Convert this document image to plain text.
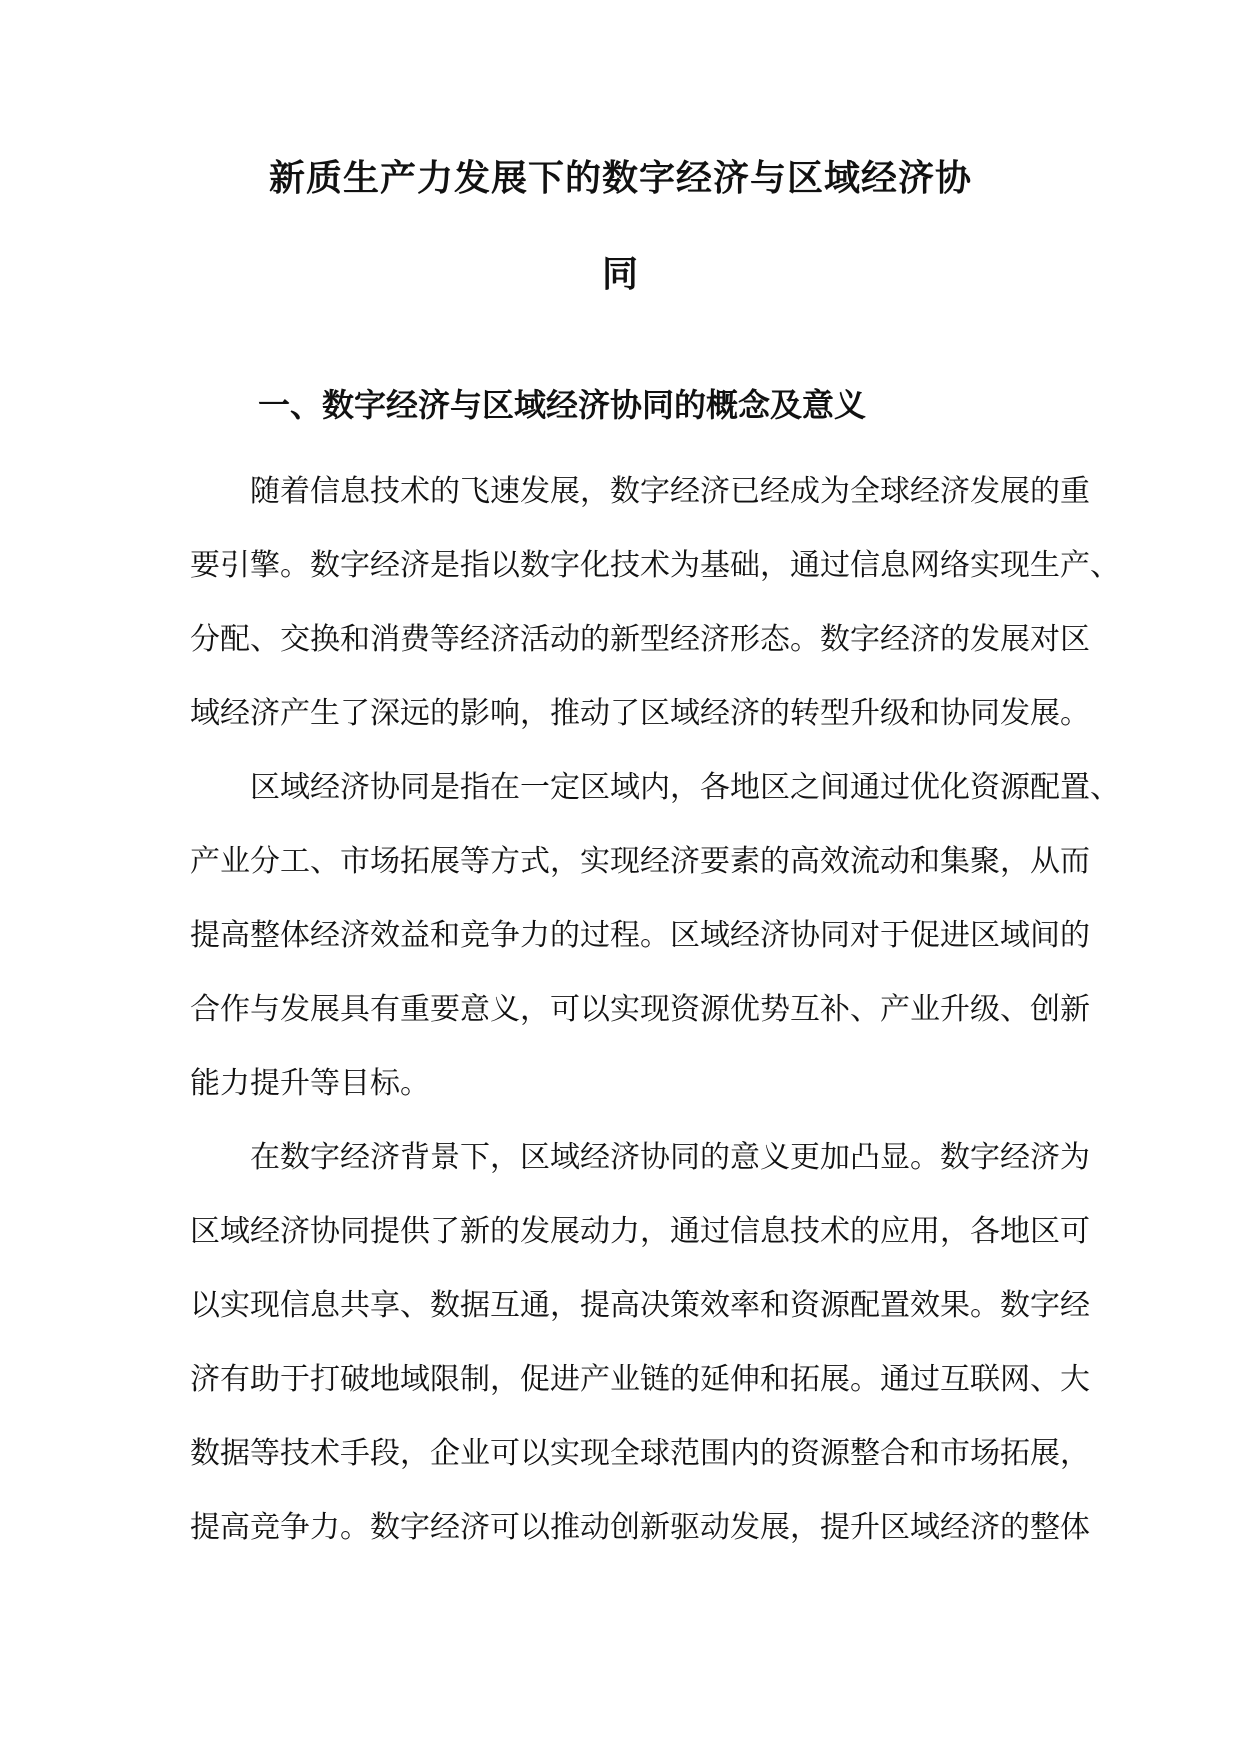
新质生产力发展下的数字经济与区域经济协
同
一、数字经济与区域经济协同的概念及意义
随着信息技术的飞速发展，数字经济已经成为全球经济发展的重
要引擎。数字经济是指以数字化技术为基础，通过信息网络实现生产、
分配、交换和消费等经济活动的新型经济形态。数字经济的发展对区
域经济产生了深远的影响，推动了区域经济的转型升级和协同发展。
区域经济协同是指在一定区域内，各地区之间通过优化资源配置、
产业分工、市场拓展等方式，实现经济要素的高效流动和集聚，从而
提高整体经济效益和竞争力的过程。区域经济协同对于促进区域间的
合作与发展具有重要意义，可以实现资源优势互补、产业升级、创新
能力提升等目标。
在数字经济背景下，区域经济协同的意义更加凸显。数字经济为
区域经济协同提供了新的发展动力，通过信息技术的应用，各地区可
以实现信息共享、数据互通，提高决策效率和资源配置效果。数字经
济有助于打破地域限制，促进产业链的延伸和拓展。通过互联网、大
数据等技术手段，企业可以实现全球范围内的资源整合和市场拓展，
提高竞争力。数字经济可以推动创新驱动发展，提升区域经济的整体
